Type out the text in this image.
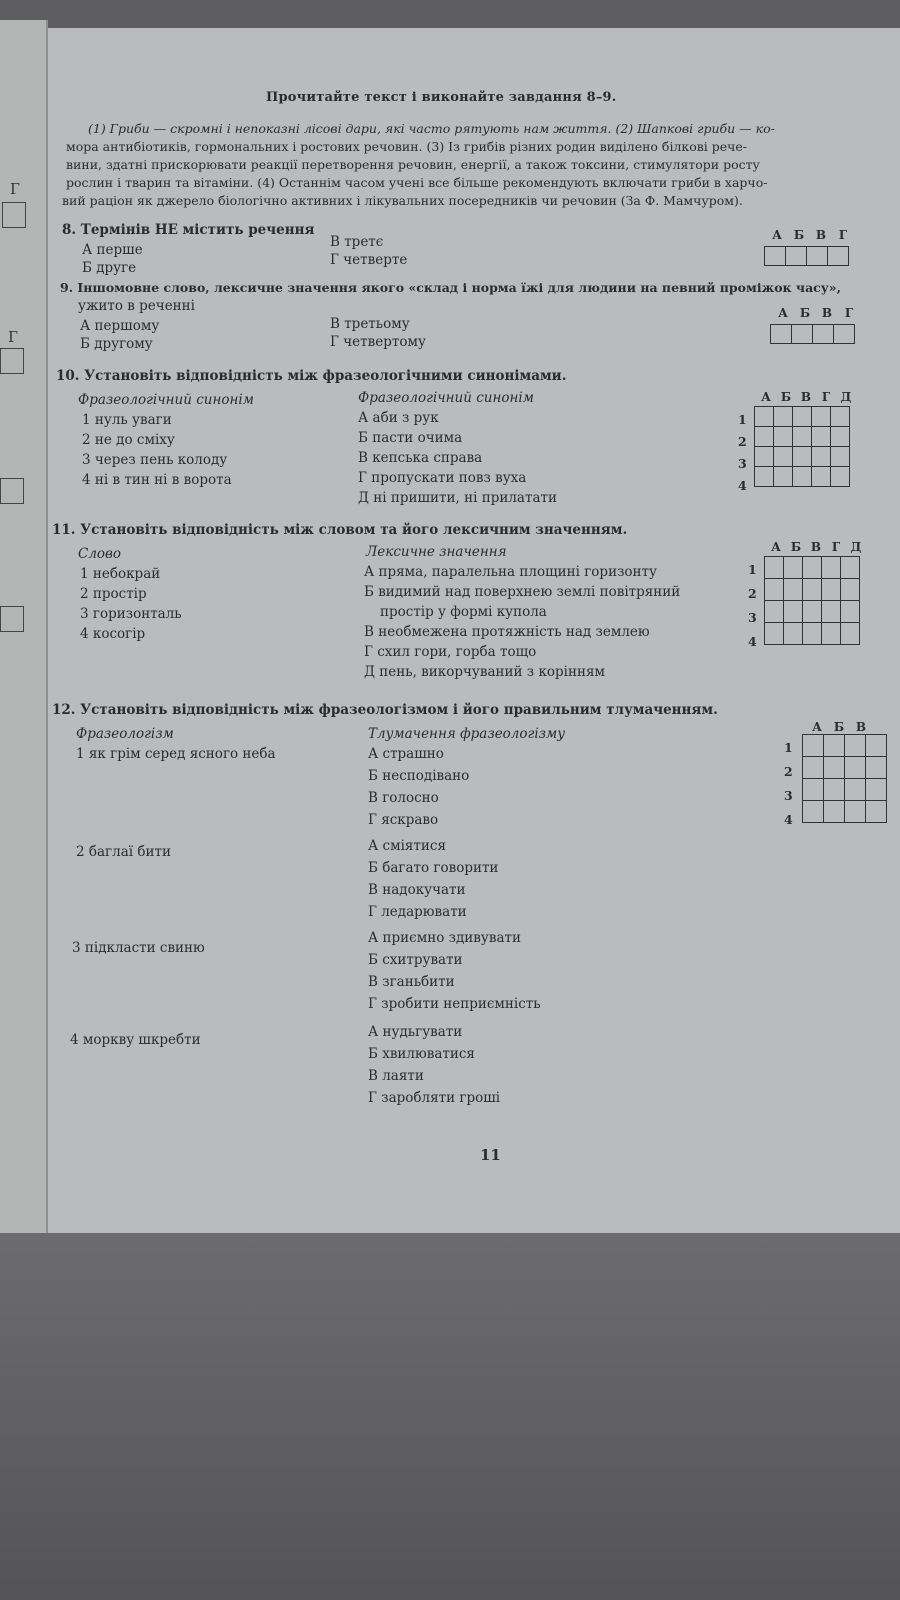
Г
Г
Прочитайте текст і виконайте завдання 8–9.
(1) Гриби — скромні і непоказні лісові дари, які часто рятують нам життя. (2) Шапкові гриби — ко-
мора антибіотиків, гормональних і ростових речовин. (3) Із грибів різних родин виділено білкові рече-
вини, здатні прискорювати реакції перетворення речовин, енергії, а також токсини, стимулятори росту
рослин і тварин та вітаміни. (4) Останнім часом учені все більше рекомендують включати гриби в харчо-
вий раціон як джерело біологічно активних і лікувальних посередників чи речовин (За Ф. Мамчуром).
8. Термінів НЕ містить речення
А перше
Б друге
В третє
Г четверте
А Б В Г

9. Іншомовне слово, лексичне значення якого «склад і норма їжі для людини на певний проміжок часу»,
ужито в реченні
А першому
Б другому
В третьому
Г четвертому
А Б В Г

10. Установіть відповідність між фразеологічними синонімами.
Фразеологічний синонім	Фразеологічний синонім
1 нуль уваги
2 не до сміху
3 через пень колоду
4 ні в тин ні в ворота
А аби з рук
Б пасти очима
В кепська справа
Г пропускати повз вуха
Д ні пришити, ні прилатати
А Б В Г Д
1
2
3
4

11. Установіть відповідність між словом та його лексичним значенням.
Слово	Лексичне значення
1 небокрай
2 простір
3 горизонталь
4 косогір
А пряма, паралельна площині горизонту
Б видимий над поверхнею землі повітряний
простір у формі купола
В необмежена протяжність над землею
Г схил гори, горба тощо
Д пень, викорчуваний з корінням
А Б В Г Д
1
2
3
4

12. Установіть відповідність між фразеологізмом і його правильним тлумаченням.
Фразеологізм	Тлумачення фразеологізму
1 як грім серед ясного неба	А страшно
Б несподівано
В голосно
Г яскраво
2 баглаї бити	А сміятися
Б багато говорити
В надокучати
Г ледарювати
3 підкласти свиню
А приємно здивувати
Б схитрувати
В зганьбити
Г зробити неприємність
4 моркву шкребти	А нудьгувати
Б хвилюватися
В лаяти
Г заробляти гроші
А Б В
1
2
3
4

11
